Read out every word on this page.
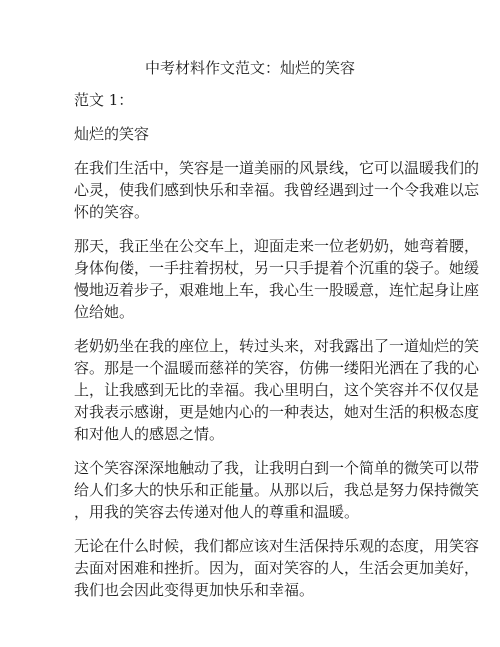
中考材料作文范文：灿烂的笑容
范文 1：
灿烂的笑容
在我们生活中，笑容是一道美丽的风景线，它可以温暖我们的
心灵，使我们感到快乐和幸福。我曾经遇到过一个令我难以忘
怀的笑容。
那天，我正坐在公交车上，迎面走来一位老奶奶，她弯着腰，
身体佝偻，一手拄着拐杖，另一只手提着个沉重的袋子。她缓
慢地迈着步子，艰难地上车，我心生一股暖意，连忙起身让座
位给她。
老奶奶坐在我的座位上，转过头来，对我露出了一道灿烂的笑
容。那是一个温暖而慈祥的笑容，仿佛一缕阳光洒在了我的心
上，让我感到无比的幸福。我心里明白，这个笑容并不仅仅是
对我表示感谢，更是她内心的一种表达，她对生活的积极态度
和对他人的感恩之情。
这个笑容深深地触动了我，让我明白到一个简单的微笑可以带
给人们多大的快乐和正能量。从那以后，我总是努力保持微笑
，用我的笑容去传递对他人的尊重和温暖。
无论在什么时候，我们都应该对生活保持乐观的态度，用笑容
去面对困难和挫折。因为，面对笑容的人，生活会更加美好，
我们也会因此变得更加快乐和幸福。
